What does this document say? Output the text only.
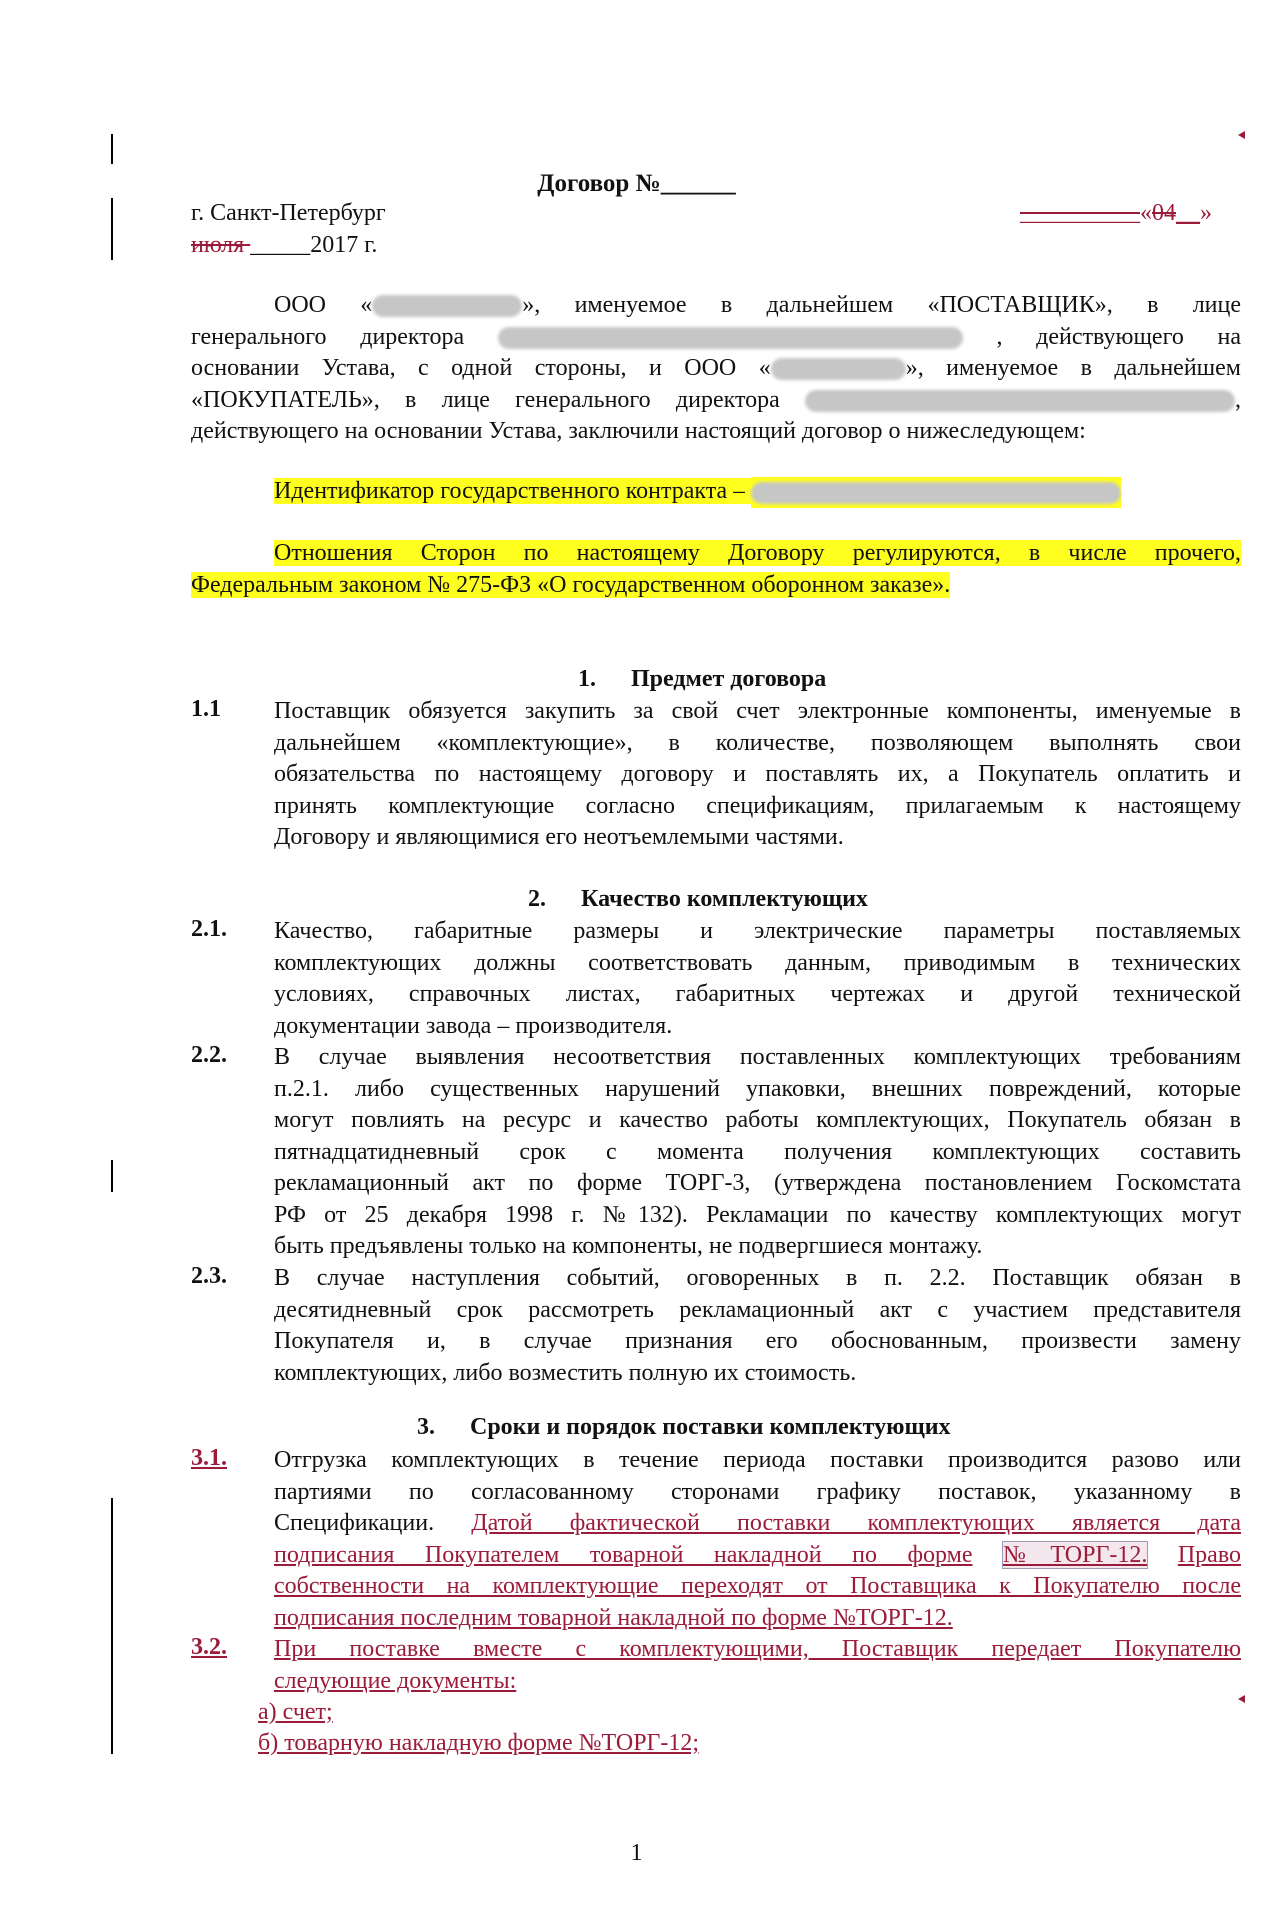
Договор №______
г. Санкт-Петербург	__________«04__»
июля _____2017 г.
ООО «	», именуемое в дальнейшем «ПОСТАВЩИК», в лице
генерального директора	, действующего на
основании Устава, с одной стороны, и ООО «	», именуемое в дальнейшем
«ПОКУПАТЕЛЬ», в лице генерального директора	,
действующего на основании Устава, заключили настоящий договор о нижеследующем:
Идентификатор государственного контракта –
Отношения Сторон по настоящему Договору регулируются, в числе прочего,
Федеральным законом № 275-ФЗ «О государственном оборонном заказе».
1. Предмет договора
1.1 Поставщик обязуется закупить за свой счет электронные компоненты, именуемые в
дальнейшем «комплектующие», в количестве, позволяющем выполнять свои
обязательства по настоящему договору и поставлять их, а Покупатель оплатить и
принять комплектующие согласно спецификациям, прилагаемым к настоящему
Договору и являющимися его неотъемлемыми частями.
2. Качество комплектующих
2.1. Качество, габаритные размеры и электрические параметры поставляемых
комплектующих должны соответствовать данным, приводимым в технических
условиях, справочных листах, габаритных чертежах и другой технической
документации завода – производителя.
2.2. В случае выявления несоответствия поставленных комплектующих требованиям
п.2.1. либо существенных нарушений упаковки, внешних повреждений, которые
могут повлиять на ресурс и качество работы комплектующих, Покупатель обязан в
пятнадцатидневный срок с момента получения комплектующих составить
рекламационный акт по форме ТОРГ-3, (утверждена постановлением Госкомстата
РФ от 25 декабря 1998 г. №132). Рекламации по качеству комплектующих могут
быть предъявлены только на компоненты, не подвергшиеся монтажу.
2.3. В случае наступления событий, оговоренных в п. 2.2. Поставщик обязан в
десятидневный срок рассмотреть рекламационный акт с участием представителя
Покупателя и, в случае признания его обоснованным, произвести замену
комплектующих, либо возместить полную их стоимость.
3. Сроки и порядок поставки комплектующих
3.1.	Отгрузка комплектующих в течение периода поставки производится разово или
партиями по согласованному сторонами графику поставок, указанному в
Спецификации. Датой фактической поставки комплектующих является дата
подписания Покупателем товарной накладной по форме №ТОРГ-12. Право
собственности на комплектующие переходят от Поставщика к Покупателю после
подписания последним товарной накладной по форме №ТОРГ-12.
3.2.	При поставке вместе с комплектующими, Поставщик передает Покупателю
следующие документы:
а) счет;
б) товарную накладную форме №ТОРГ-12;
1
